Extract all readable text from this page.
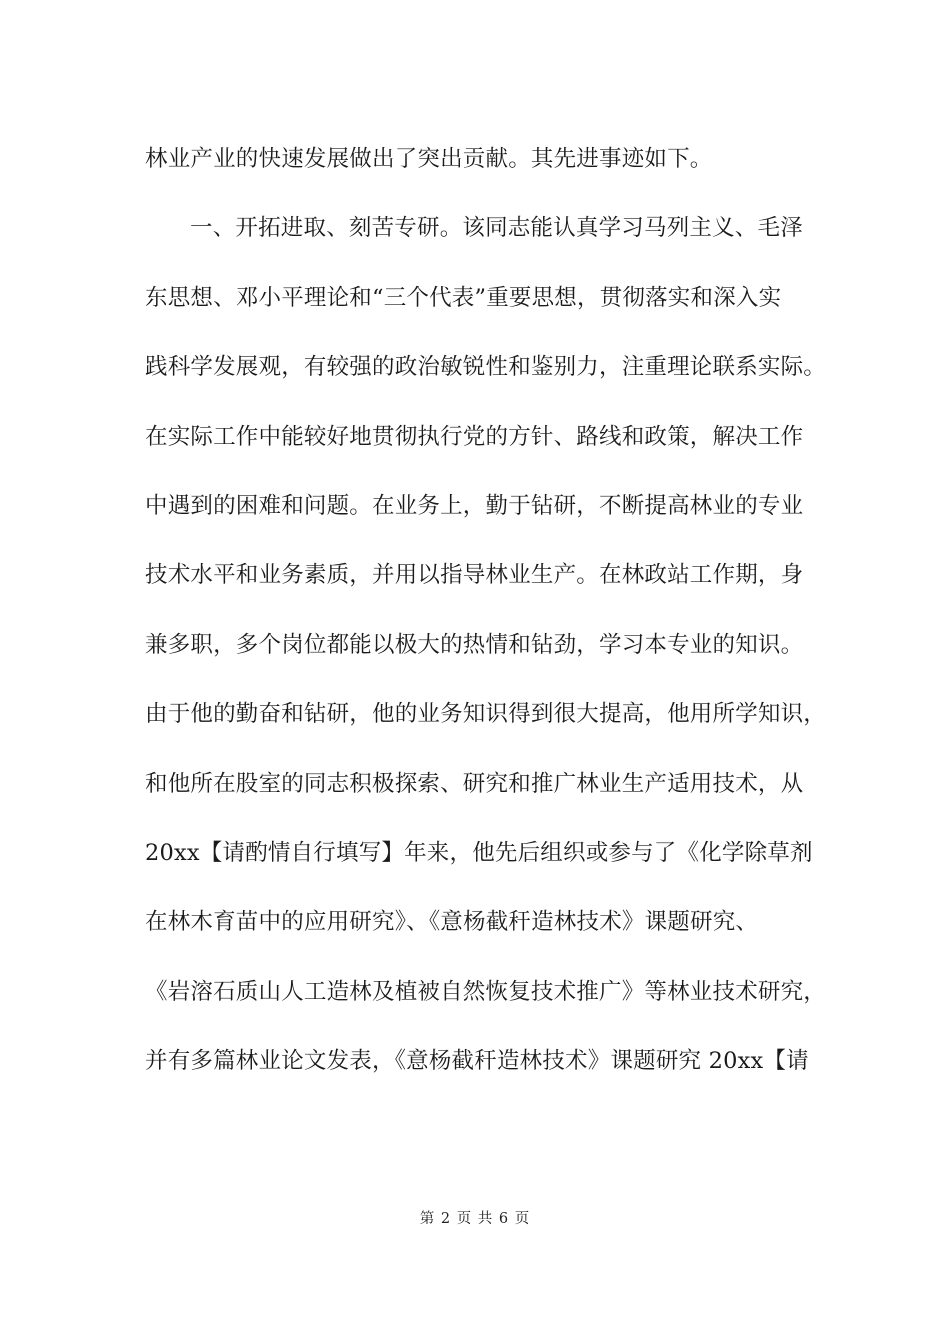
林业产业的快速发展做出了突出贡献。其先进事迹如下。
一、开拓进取、刻苦专研。该同志能认真学习马列主义、毛泽
东思想、邓小平理论和“三个代表”重要思想，贯彻落实和深入实
践科学发展观，有较强的政治敏锐性和鉴别力，注重理论联系实际。
在实际工作中能较好地贯彻执行党的方针、路线和政策，解决工作
中遇到的困难和问题。在业务上，勤于钻研，不断提高林业的专业
技术水平和业务素质，并用以指导林业生产。在林政站工作期，身
兼多职，多个岗位都能以极大的热情和钻劲，学习本专业的知识。
由于他的勤奋和钻研，他的业务知识得到很大提高，他用所学知识，
和他所在股室的同志积极探索、研究和推广林业生产适用技术，从
20xx【请酌情自行填写】年来，他先后组织或参与了《化学除草剂
在林木育苗中的应用研究》、《意杨截秆造林技术》课题研究、
《岩溶石质山人工造林及植被自然恢复技术推广》等林业技术研究，
并有多篇林业论文发表，《意杨截秆造林技术》课题研究 20xx【请
第 2 页 共 6 页
